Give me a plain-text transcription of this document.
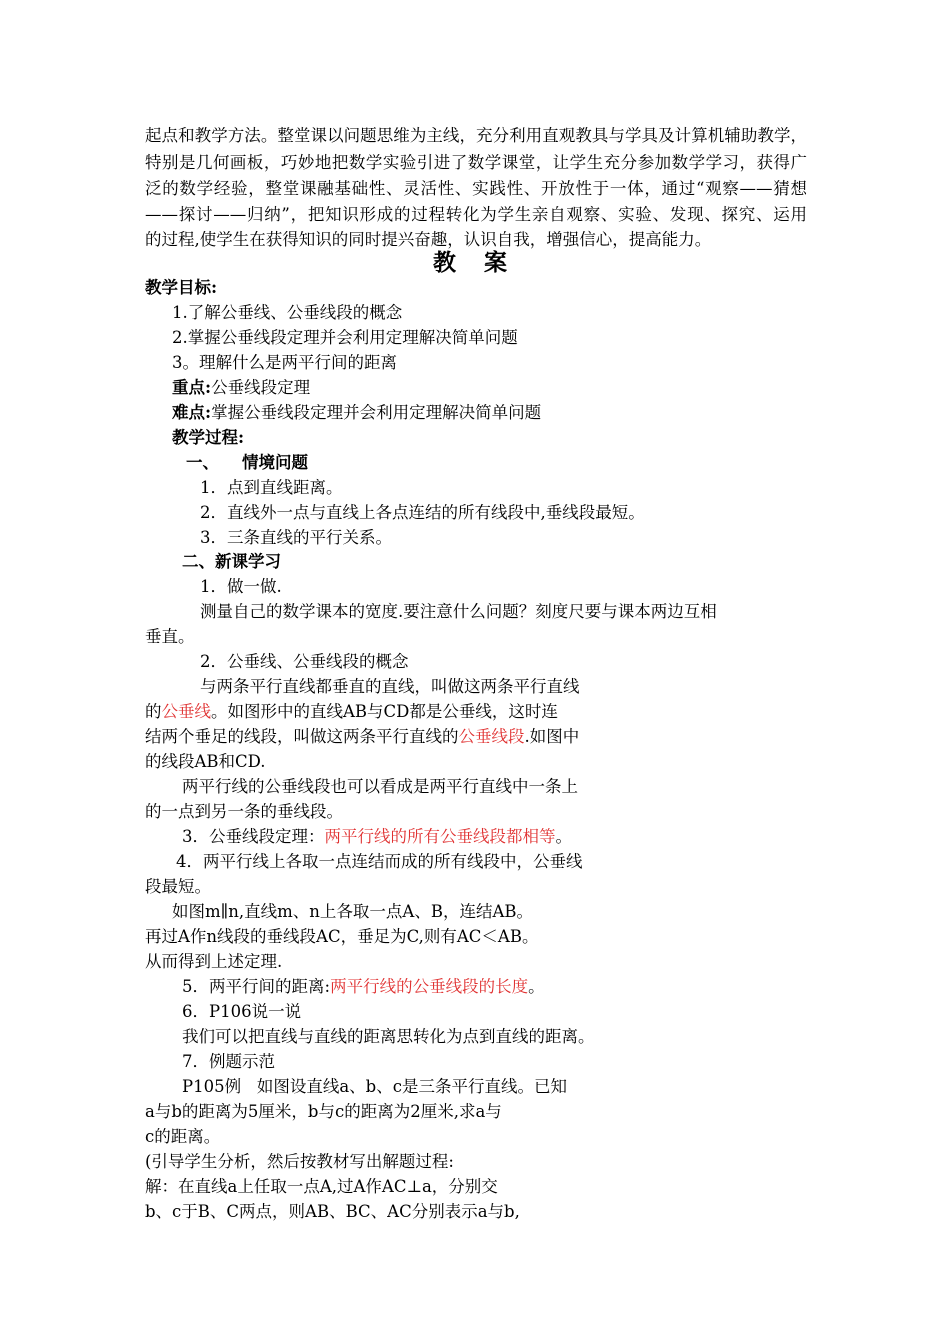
起点和教学方法。整堂课以问题思维为主线，充分利用直观教具与学具及计算机辅助教学，
特别是几何画板，巧妙地把数学实验引进了数学课堂，让学生充分参加数学学习，获得广
泛的数学经验，整堂课融基础性、灵活性、实践性、开放性于一体，通过“观察——猜想
——探讨——归纳”，把知识形成的过程转化为学生亲自观察、实验、发现、探究、运用
的过程,使学生在获得知识的同时提兴奋趣，认识自我，增强信心，提高能力。
教 案
教学目标:
1.了解公垂线、公垂线段的概念
2.掌握公垂线段定理并会利用定理解决简单问题
3。理解什么是两平行间的距离
重点:公垂线段定理
难点:掌握公垂线段定理并会利用定理解决简单问题
教学过程:
一、    情境问题
1．点到直线距离。
2．直线外一点与直线上各点连结的所有线段中,垂线段最短。
3．三条直线的平行关系。
二、新课学习
1．做一做.
测量自己的数学课本的宽度.要注意什么问题？刻度尺要与课本两边互相
垂直。
2．公垂线、公垂线段的概念
与两条平行直线都垂直的直线，叫做这两条平行直线
的公垂线。如图形中的直线AB与CD都是公垂线，这时连
结两个垂足的线段，叫做这两条平行直线的公垂线段.如图中
的线段AB和CD.
两平行线的公垂线段也可以看成是两平行直线中一条上
的一点到另一条的垂线段。
3．公垂线段定理：两平行线的所有公垂线段都相等。
4．两平行线上各取一点连结而成的所有线段中，公垂线
段最短。
如图m∥n,直线m、n上各取一点A、B，连结AB。
再过A作n线段的垂线段AC，垂足为C,则有AC＜AB。
从而得到上述定理.
5．两平行间的距离:两平行线的公垂线段的长度。
6．P106说一说
我们可以把直线与直线的距离思转化为点到直线的距离。
7．例题示范
P105例   如图设直线a、b、c是三条平行直线。已知
a与b的距离为5厘米，b与c的距离为2厘米,求a与
c的距离。
(引导学生分析，然后按教材写出解题过程:
解：在直线a上任取一点A,过A作AC⊥a，分别交
b、c于B、C两点，则AB、BC、AC分别表示a与b,
